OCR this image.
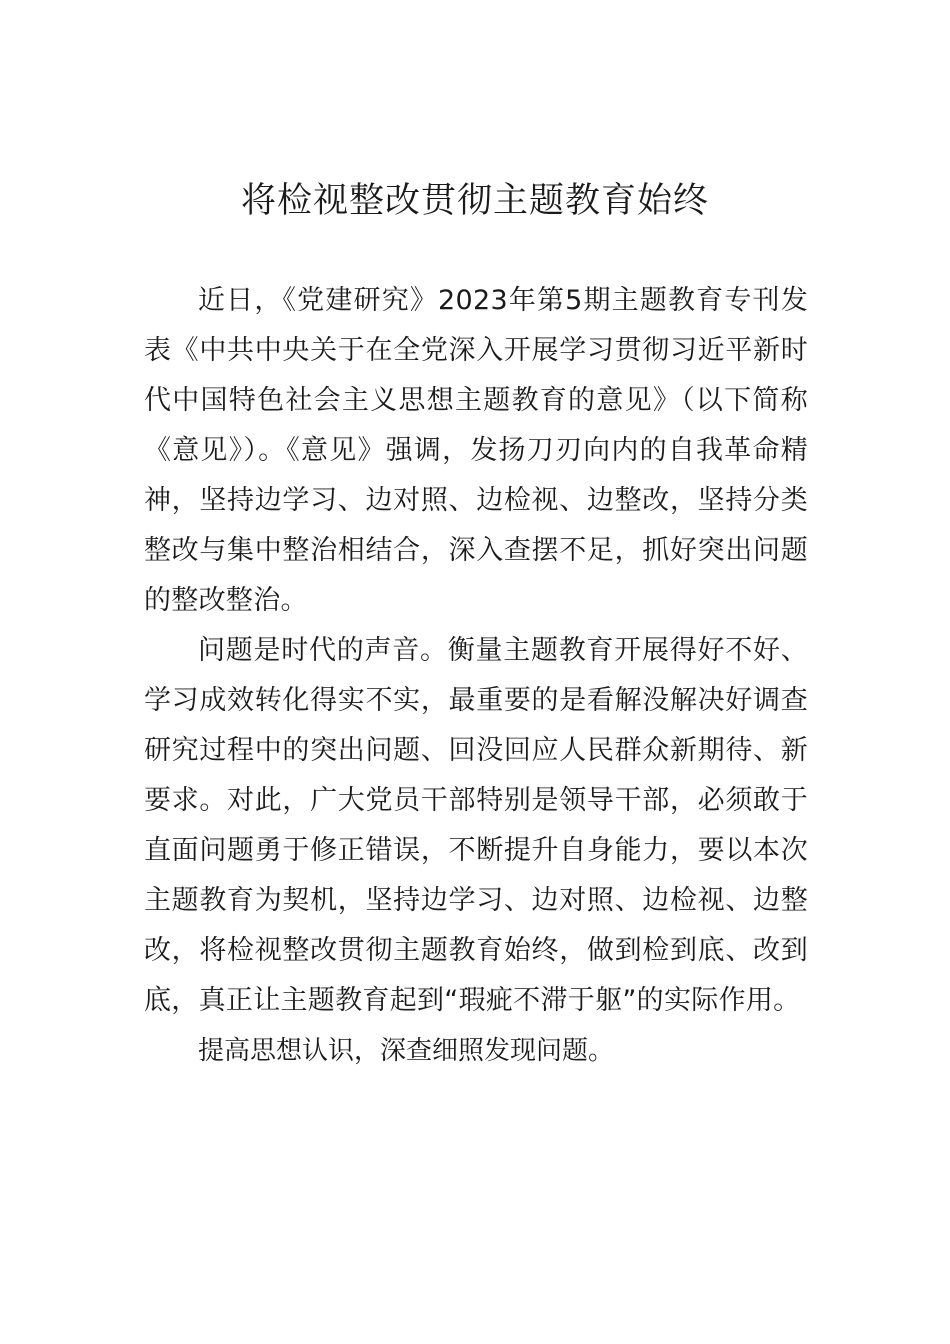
将检视整改贯彻主题教育始终

近日，《党建研究》2023年第5期主题教育专刊发表《中共中央关于在全党深入开展学习贯彻习近平新时代中国特色社会主义思想主题教育的意见》（以下简称《意见》）。《意见》强调，发扬刀刃向内的自我革命精神，坚持边学习、边对照、边检视、边整改，坚持分类整改与集中整治相结合，深入查摆不足，抓好突出问题的整改整治。

问题是时代的声音。衡量主题教育开展得好不好、学习成效转化得实不实，最重要的是看解没解决好调查研究过程中的突出问题、回没回应人民群众新期待、新要求。对此，广大党员干部特别是领导干部，必须敢于直面问题勇于修正错误，不断提升自身能力，要以本次主题教育为契机，坚持边学习、边对照、边检视、边整改，将检视整改贯彻主题教育始终，做到检到底、改到底，真正让主题教育起到“瑕疵不滞于躯”的实际作用。

提高思想认识，深查细照发现问题。
